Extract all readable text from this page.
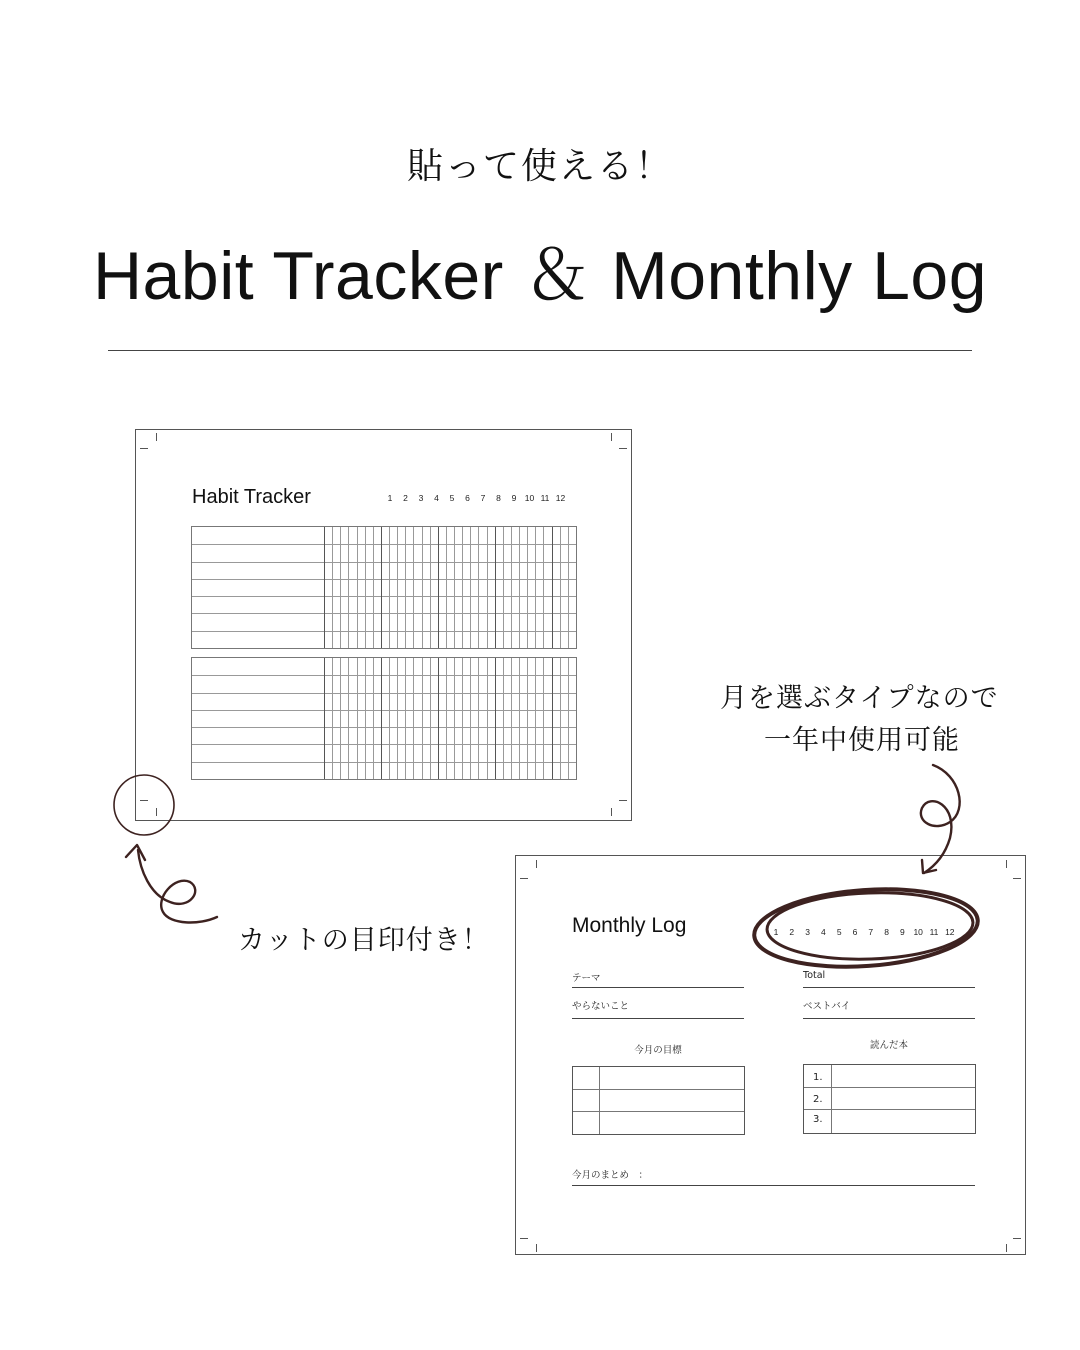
貼って使える！
Habit Tracker ＆ Monthly Log
Habit Tracker	1	2	3	4	5	6	7	8	9 10 11 12
Monthly Log	1	2	3	4	5	6	7	8	9	10 11 12
テーマ	Total
やらないこと	ベストバイ
今月の目標	読んだ本
1.
2.
3.
今月のまとめ　：
月を選ぶタイプなので
一年中使用可能
カットの目印付き！
